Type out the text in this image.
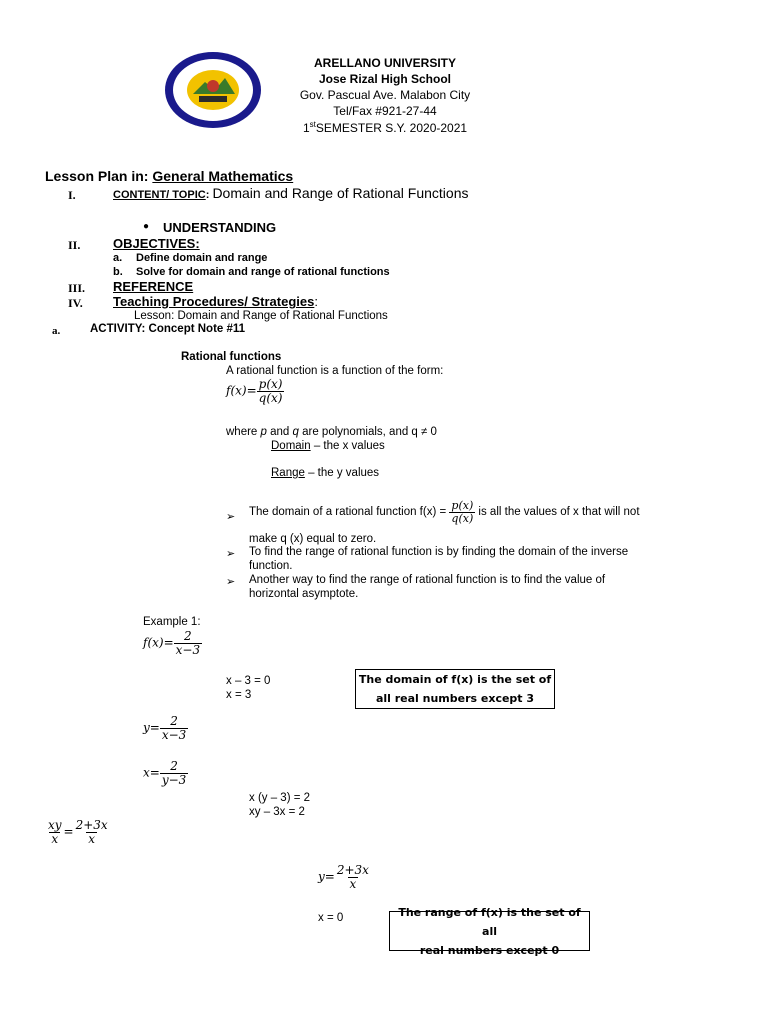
ARELLANO UNIVERSITY
Jose Rizal High School
Gov. Pascual Ave. Malabon City
Tel/Fax #921-27-44
1stSEMESTER S.Y. 2020-2021
Lesson Plan in: General Mathematics
I.	CONTENT/ TOPIC: Domain and Range of Rational Functions
● UNDERSTANDING
II.	OBJECTIVES:
a. Define domain and range
b. Solve for domain and range of rational functions
III. REFERENCE
IV. Teaching Procedures/ Strategies:
Lesson: Domain and Range of Rational Functions
a.	ACTIVITY: Concept Note #11
Rational functions
A rational function is a function of the form:
$f(x)= \frac{p(x)}{q(x)}$
where p and q are polynomials, and q ≠ 0
Domain – the x values
Range – the y values
➢ The domain of a rational function $f(x) = \frac{p(x)}{q(x)}$ is all the values of x that will not
make q (x) equal to zero.
➢ To find the range of rational function is by finding the domain of the inverse
function.
➢ Another way to find the range of rational function is to find the value of
horizontal asymptote.
Example 1:
$f(x)= \frac{2}{x-3}$
x – 3 = 0
x = 3
The domain of f(x) is the set of
all real numbers except 3
$y= \frac{2}{x-3}$
$x= \frac{2}{y-3}$
x (y – 3) = 2
xy – 3x = 2
$\frac{xy}{x} = \frac{2+3x}{x}$
$y= \frac{2+3x}{x}$
x = 0	The range of f(x) is the set of all
real numbers except 0
